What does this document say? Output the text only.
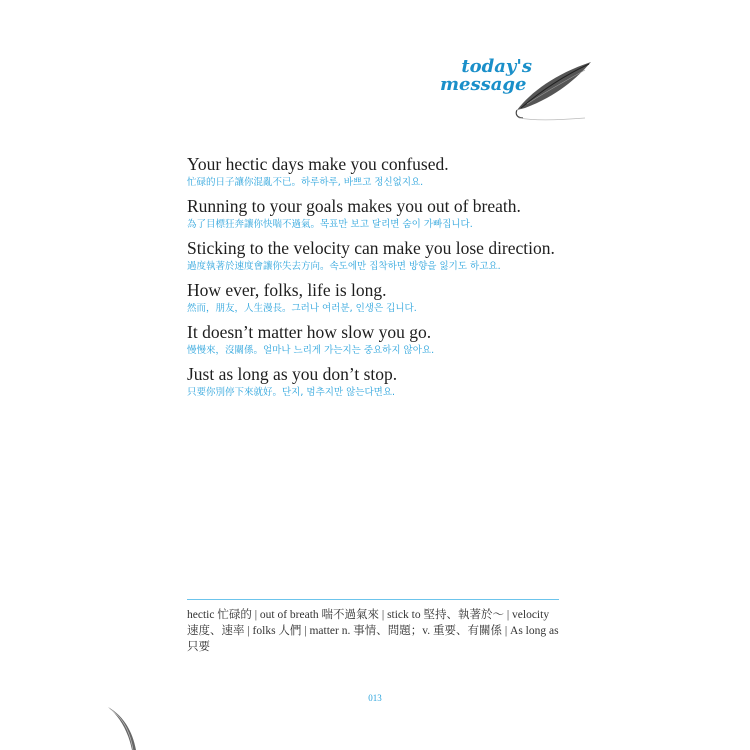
today's
message
Your hectic days make you confused.
忙碌的日子讓你混亂不已。하루하루, 바쁘고 정신없지요.
Running to your goals makes you out of breath.
為了目標狂奔讓你快喘不過氣。목표만 보고 달리면 숨이 가빠집니다.
Sticking to the velocity can make you lose direction.
過度執著於速度會讓你失去方向。속도에만 집착하면 방향을 잃기도 하고요.
How ever, folks, life is long.
然而，朋友，人生漫長。그러나 여러분, 인생은 깁니다.
It doesn’t matter how slow you go.
慢慢來，沒關係。얼마나 느리게 가는지는 중요하지 않아요.
Just as long as you don’t stop.
只要你別停下來就好。단지, 멈추지만 않는다면요.
hectic 忙碌的 | out of breath 喘不過氣來 | stick to 堅持、執著於～ | velocity 速度、速率 | folks 人們 | matter n. 事情、問題；v. 重要、有關係 | As long as 只要
013
